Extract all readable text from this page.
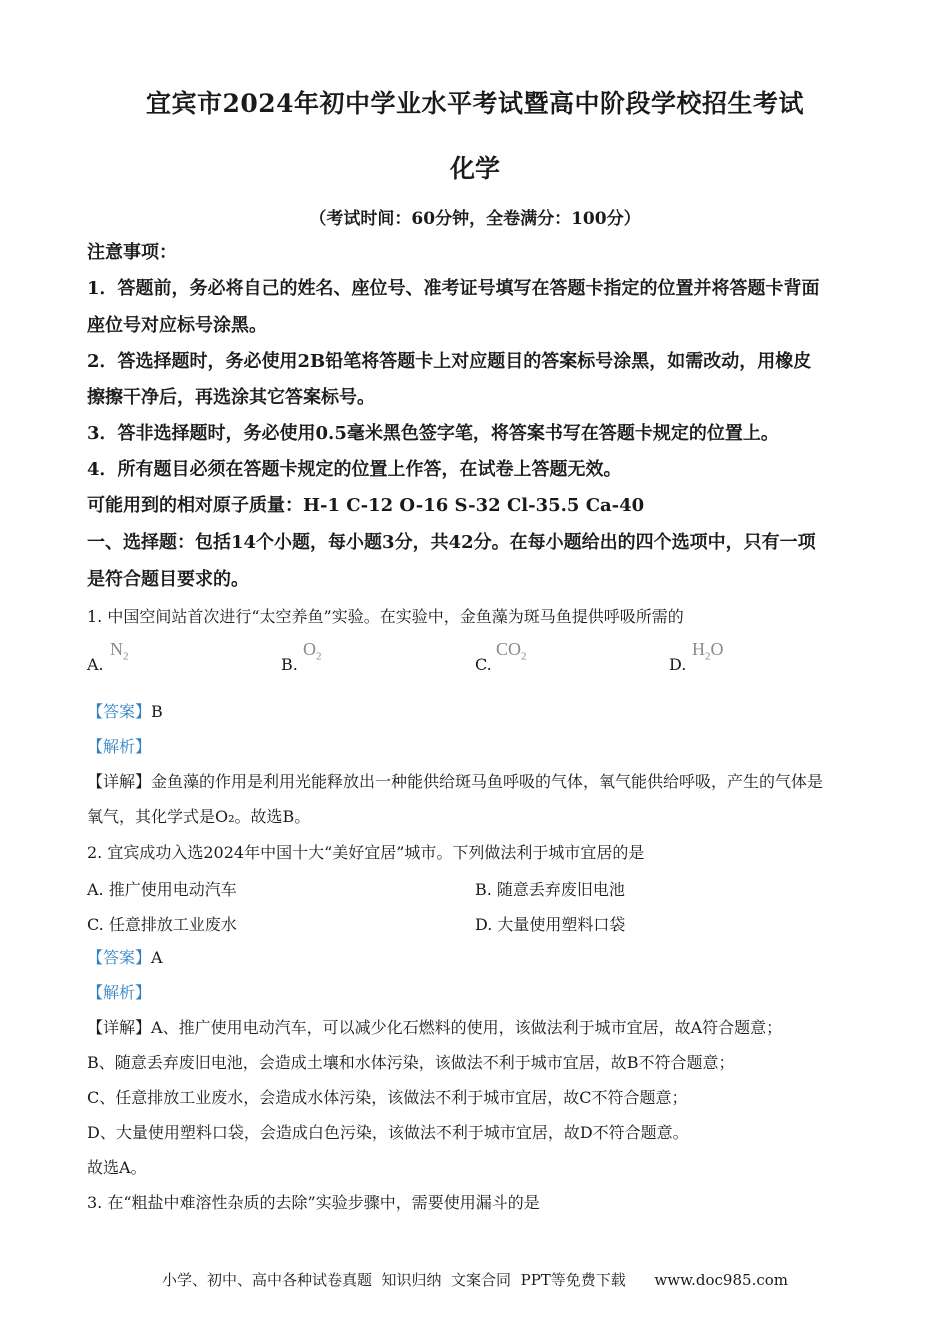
宜宾市2024年初中学业水平考试暨高中阶段学校招生考试
化学
（考试时间：60分钟，全卷满分：100分）
注意事项：
1．答题前，务必将自己的姓名、座位号、准考证号填写在答题卡指定的位置并将答题卡背面
座位号对应标号涂黑。
2．答选择题时，务必使用2B铅笔将答题卡上对应题目的答案标号涂黑，如需改动，用橡皮
擦擦干净后，再选涂其它答案标号。
3．答非选择题时，务必使用0.5毫米黑色签字笔，将答案书写在答题卡规定的位置上。
4．所有题目必须在答题卡规定的位置上作答，在试卷上答题无效。
可能用到的相对原子质量：H-1 C-12 O-16 S-32 Cl-35.5 Ca-40
一、选择题：包括14个小题，每小题3分，共42分。在每小题给出的四个选项中，只有一项
是符合题目要求的。
1. 中国空间站首次进行“太空养鱼”实验。在实验中，金鱼藻为斑马鱼提供呼吸所需的
A.
$N_2$	B.
$O_2$	C.
$CO_2$	D.
$H_2O$
【答案】B
【解析】
【详解】金鱼藻的作用是利用光能释放出一种能供给斑马鱼呼吸的气体，氧气能供给呼吸，产生的气体是
氧气，其化学式是O₂。故选B。
2. 宜宾成功入选2024年中国十大“美好宜居”城市。下列做法利于城市宜居的是
A. 推广使用电动汽车	B. 随意丢弃废旧电池
C. 任意排放工业废水	D. 大量使用塑料口袋
【答案】A
【解析】
【详解】A、推广使用电动汽车，可以减少化石燃料的使用，该做法利于城市宜居，故A符合题意；
B、随意丢弃废旧电池，会造成土壤和水体污染，该做法不利于城市宜居，故B不符合题意；
C、任意排放工业废水，会造成水体污染，该做法不利于城市宜居，故C不符合题意；
D、大量使用塑料口袋，会造成白色污染，该做法不利于城市宜居，故D不符合题意。
故选A。
3. 在“粗盐中难溶性杂质的去除”实验步骤中，需要使用漏斗的是
小学、初中、高中各种试卷真题  知识归纳  文案合同  PPT等免费下载      www.doc985.com
